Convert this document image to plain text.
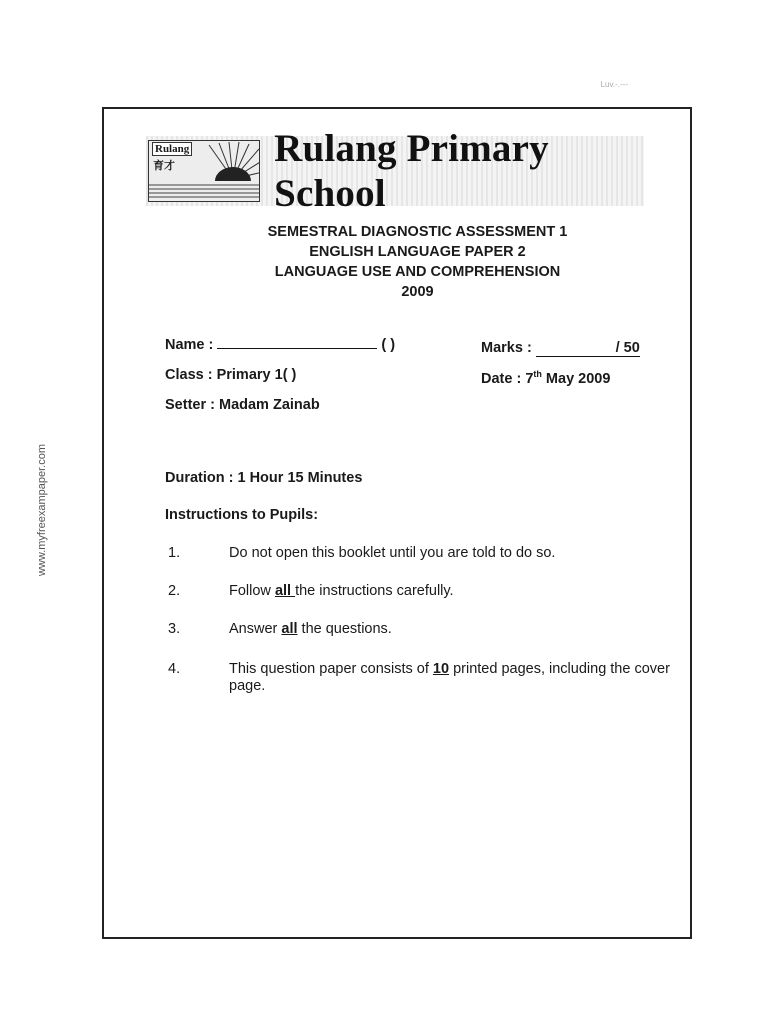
www.myfreexampaper.com
Luv.-.---
Rulang
育才	Rulang Primary School
SEMESTRAL DIAGNOSTIC ASSESSMENT 1
ENGLISH LANGUAGE PAPER 2
LANGUAGE USE AND COMPREHENSION
2009
Name :	( )
Class : Primary 1( )
Setter : Madam Zainab
Marks :	/ 50
Date : 7th May 2009
Duration : 1 Hour 15 Minutes
Instructions to Pupils:
1.	Do not open this booklet until you are told to do so.
2.	Follow all the instructions carefully.
3.	Answer all the questions.
4.	This question paper consists of 10 printed pages, including the cover page.
